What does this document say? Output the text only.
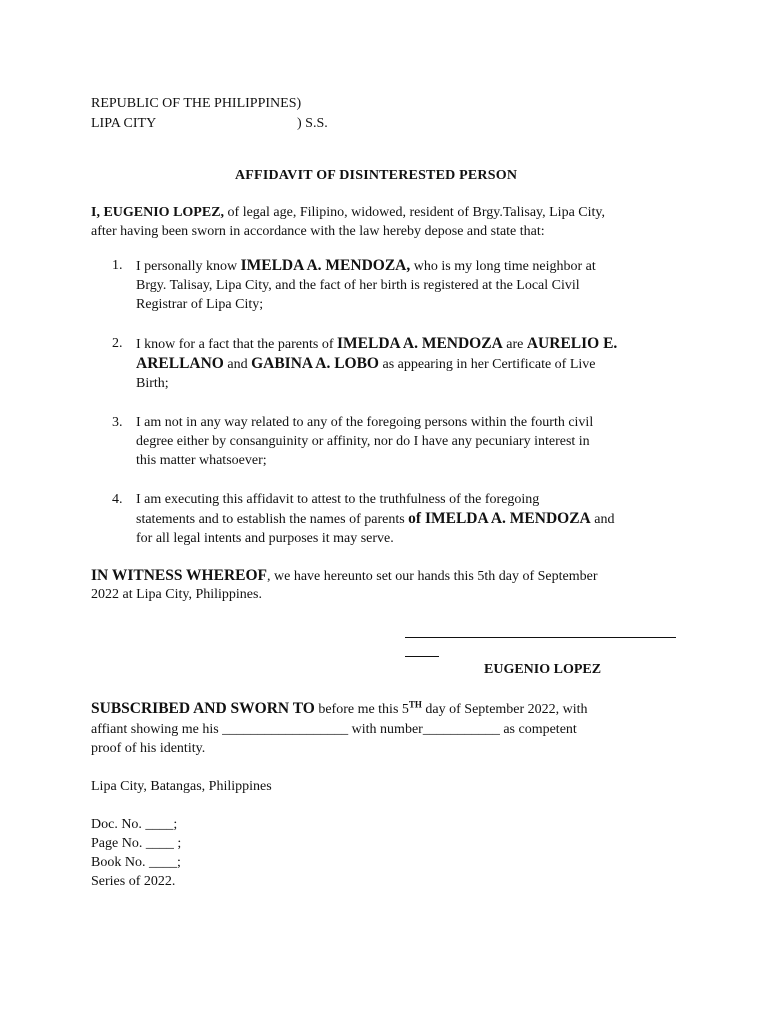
REPUBLIC OF THE PHILIPPINES)
LIPA CITY	) S.S.
AFFIDAVIT OF DISINTERESTED PERSON
I, EUGENIO LOPEZ, of legal age, Filipino, widowed, resident of Brgy.Talisay, Lipa City,
after having been sworn in accordance with the law hereby depose and state that:
1. I personally know IMELDA A. MENDOZA, who is my long time neighbor at
Brgy. Talisay, Lipa City, and the fact of her birth is registered at the Local Civil
Registrar of Lipa City;
2. I know for a fact that the parents of IMELDA A. MENDOZA are AURELIO E.
ARELLANO and GABINA A. LOBO as appearing in her Certificate of Live
Birth;
3. I am not in any way related to any of the foregoing persons within the fourth civil
degree either by consanguinity or affinity, nor do I have any pecuniary interest in
this matter whatsoever;
4. I am executing this affidavit to attest to the truthfulness of the foregoing
statements and to establish the names of parents of IMELDA A. MENDOZA and
for all legal intents and purposes it may serve.
IN WITNESS WHEREOF, we have hereunto set our hands this 5th day of September
2022 at Lipa City, Philippines.
EUGENIO LOPEZ
SUBSCRIBED AND SWORN TO before me this 5TH day of September 2022, with
affiant showing me his __________________ with number___________ as competent
proof of his identity.
Lipa City, Batangas, Philippines
Doc. No. ____;
Page No. ____ ;
Book No. ____;
Series of 2022.
